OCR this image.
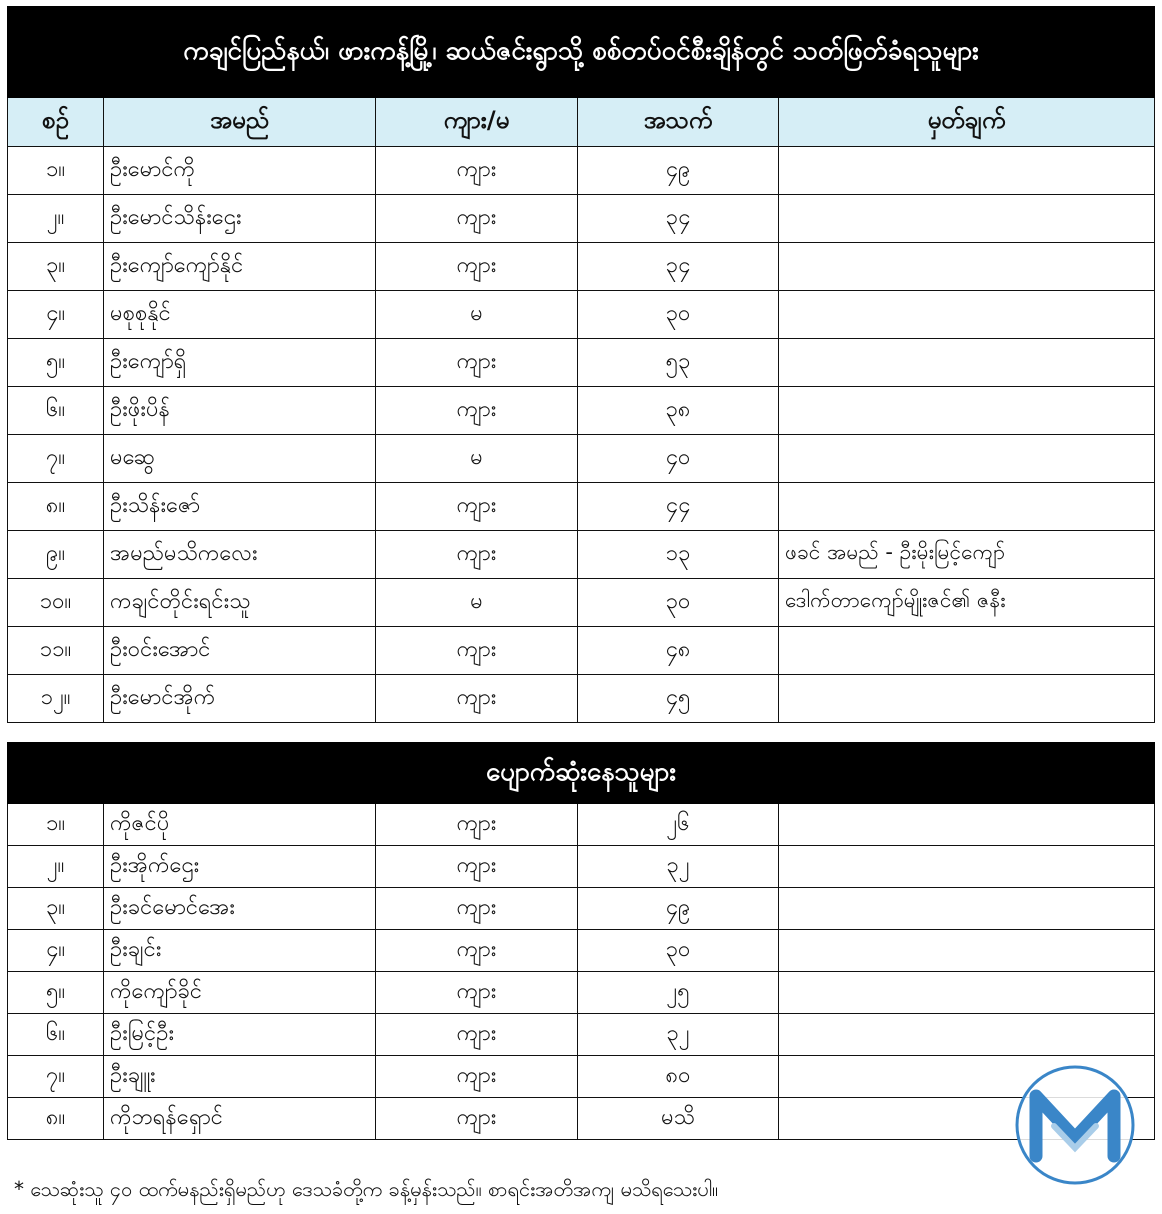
ကချင်ပြည်နယ်၊ ဖားကန့်မြို့၊ ဆယ်ဇင်းရွာသို့ စစ်တပ်ဝင်စီးချိန်တွင် သတ်ဖြတ်ခံရသူများ				
စဉ်	အမည်	ကျား/မ	အသက်	မှတ်ချက်
၁။	ဦးမောင်ကို	ကျား	၄၉	
၂။	ဦးမောင်သိန်းဌေး	ကျား	၃၄	
၃။	ဦးကျော်ကျော်နိုင်	ကျား	၃၄	
၄။	မစုစုနိုင်	မ	၃၀	
၅။	ဦးကျော်ရှိ	ကျား	၅၃	
၆။	ဦးဖိုးပိန်	ကျား	၃၈	
၇။	မဆွေ	မ	၄၀	
၈။	ဦးသိန်းဇော်	ကျား	၄၄	
၉။	အမည်မသိကလေး	ကျား	၁၃	ဖခင် အမည် - ဦးမိုးမြင့်ကျော်
၁၀။	ကချင်တိုင်းရင်းသူ	မ	၃၀	ဒေါက်တာကျော်မျိုးဇင်၏ ဇနီး
၁၁။	ဦးဝင်းအောင်	ကျား	၄၈	
၁၂။	ဦးမောင်အိုက်	ကျား	၄၅	
ပျောက်ဆုံးနေသူများ				
၁။	ကိုဇင်ပို	ကျား	၂၆	
၂။	ဦးအိုက်ဌေး	ကျား	၃၂	
၃။	ဦးခင်မောင်အေး	ကျား	၄၉	
၄။	ဦးချင်း	ကျား	၃၀	
၅။	ကိုကျော်ခိုင်	ကျား	၂၅	
၆။	ဦးမြင့်ဦး	ကျား	၃၂	
၇။	ဦးချူး	ကျား	၈၀	
၈။	ကိုဘရန်ရှောင်	ကျား	မသိ	
* သေဆုံးသူ ၄၀ ထက်မနည်းရှိမည်ဟု ဒေသခံတို့က ခန့်မှန်းသည်။ စာရင်းအတိအကျ မသိရသေးပါ။
